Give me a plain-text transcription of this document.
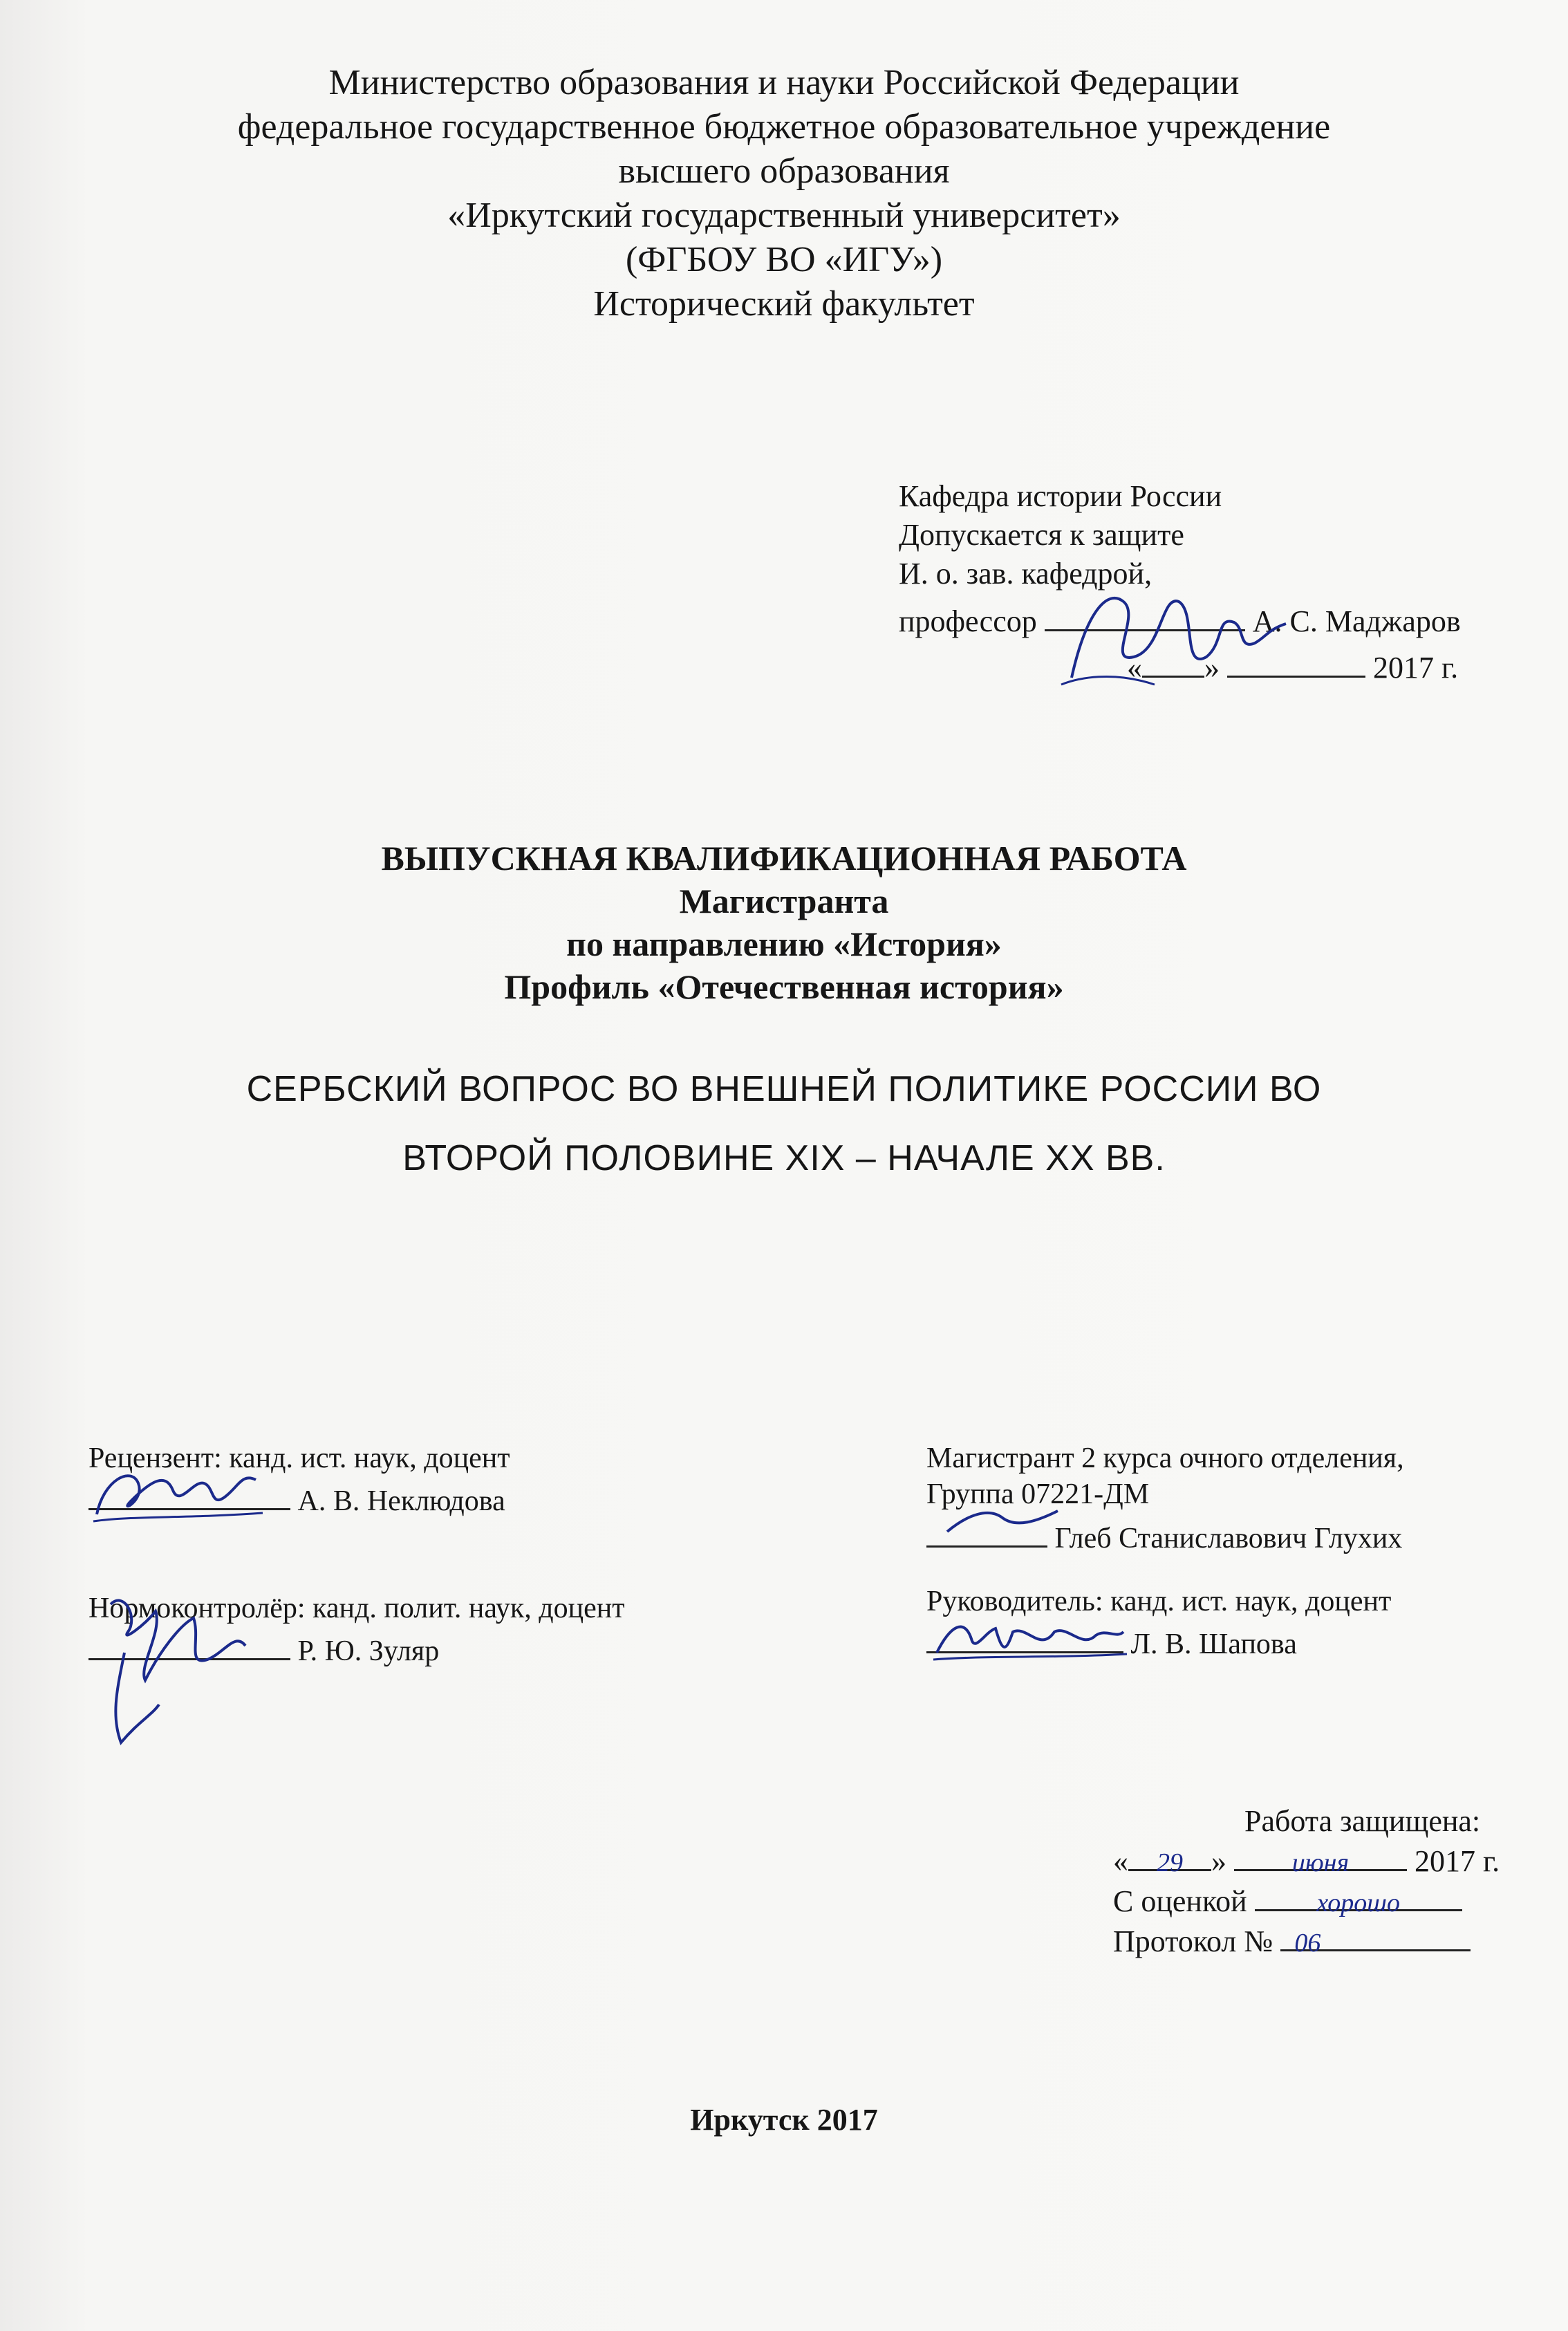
Министерство образования и науки Российской Федерации
федеральное государственное бюджетное образовательное учреждение
высшего образования
«Иркутский государственный университет»
(ФГБОУ ВО «ИГУ»)
Исторический факультет
Кафедра истории России
Допускается к защите
И. о. зав. кафедрой,
профессор	А. С. Маджаров
« »	2017 г.
ВЫПУСКНАЯ КВАЛИФИКАЦИОННАЯ РАБОТА
Магистранта
по направлению «История»
Профиль «Отечественная история»
СЕРБСКИЙ ВОПРОС ВО ВНЕШНЕЙ ПОЛИТИКЕ РОССИИ ВО
ВТОРОЙ ПОЛОВИНЕ XIX – НАЧАЛЕ XX ВВ.
Рецензент: канд. ист. наук, доцент
А. В. Неклюдова
Нормоконтролёр: канд. полит. наук, доцент
Р. Ю. Зуляр
Магистрант 2 курса очного отделения,
Группа 07221-ДМ
Глеб Станиславович Глухих
Руководитель: канд. ист. наук, доцент
Л. В. Шапова
Работа защищена:
« 29 » июня 2017 г.
С оценкой	хорошо
Протокол № 06
Иркутск 2017
